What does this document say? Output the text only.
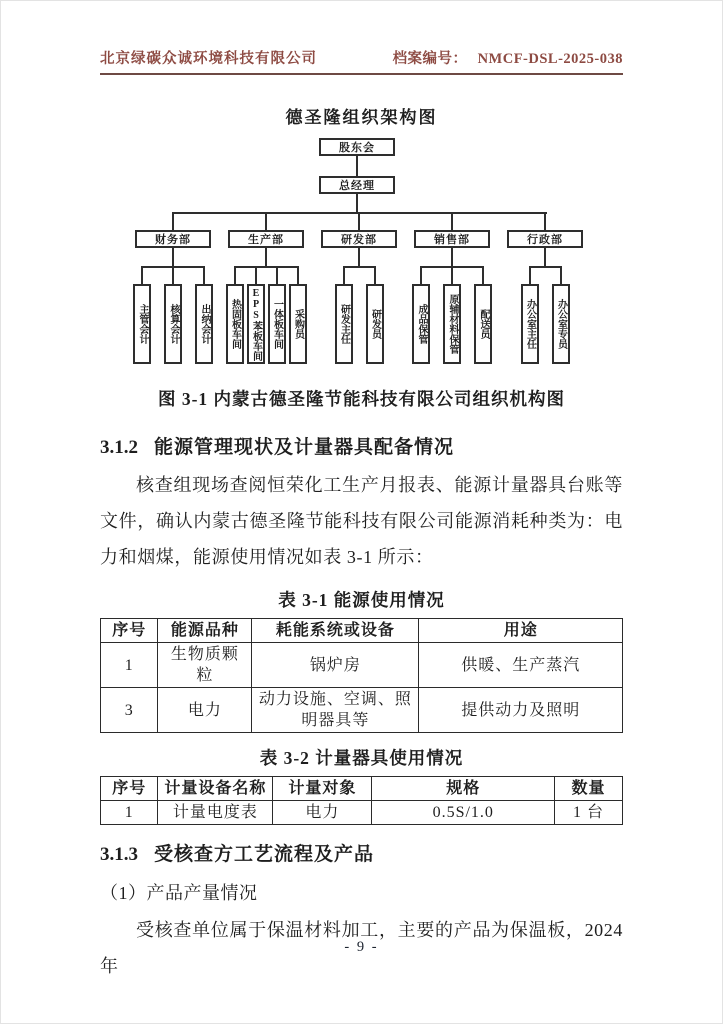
北京绿碳众诚环境科技有限公司	档案编号： NMCF-DSL-2025-038
德圣隆组织架构图
股东会
总经理
财务部
主管会计 核算会计 出纳会计
生产部
热固板车间 EPS苯板车间 一体板车间 采购员
研发部
研发主任 研发员
销售部
成品保管 原辅材料保管 配送员
行政部
办公室主任 办公室专员
图 3-1 内蒙古德圣隆节能科技有限公司组织机构图
3.1.2 能源管理现状及计量器具配备情况

核查组现场查阅恒荣化工生产月报表、能源计量器具台账等文件，确认内蒙古德圣隆节能科技有限公司能源消耗种类为：电力和烟煤，能源使用情况如表 3-1 所示：

表 3-1 能源使用情况
序号	能源品种	耗能系统或设备	用途
1	生物质颗粒	锅炉房	供暖、生产蒸汽
3	电力	动力设施、空调、照明器具等	提供动力及照明
表 3-2 计量器具使用情况
序号	计量设备名称	计量对象	规格	数量
1	计量电度表	电力	0.5S/1.0	1 台
3.1.3 受核查方工艺流程及产品
（1）产品产量情况

受核查单位属于保温材料加工，主要的产品为保温板，2024 年

- 9 -
